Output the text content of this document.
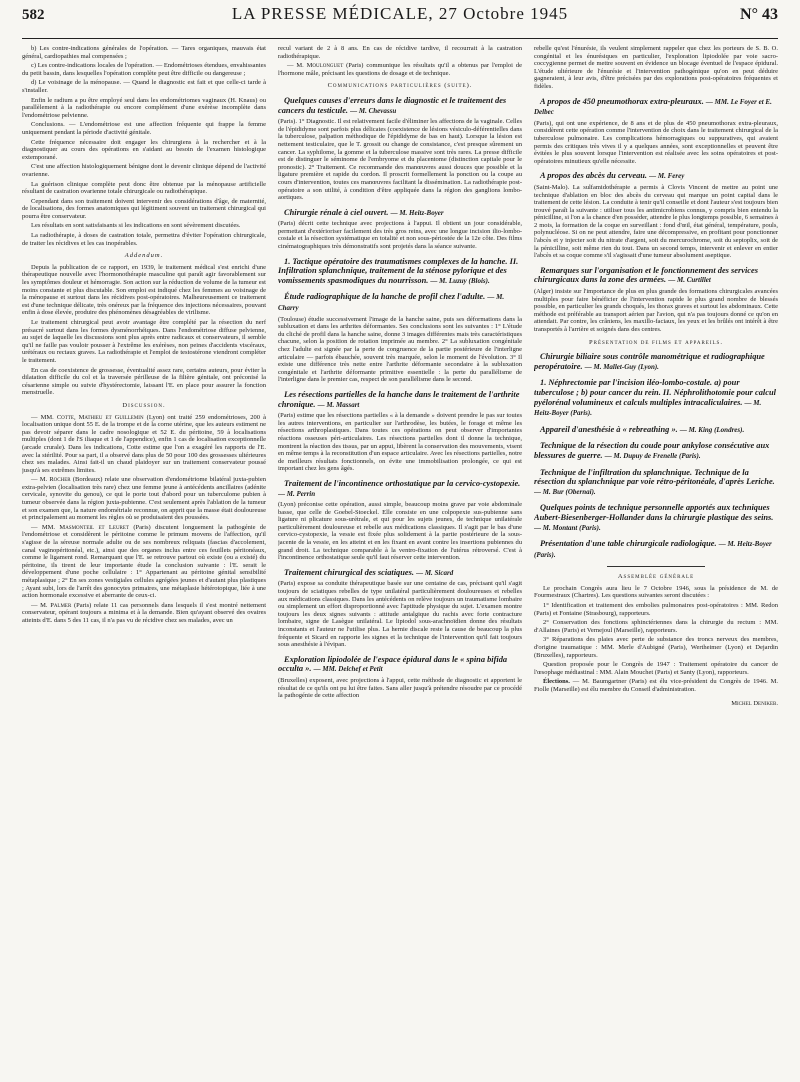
582	LA PRESSE MÉDICALE, 27 Octobre 1945	N° 43

b) Les contre-indications générales de l'opération. — Tares organiques, mauvais état général, cardiopathies mal compensées ;

c) Les contre-indications locales de l'opération. — Endométrioses étendues, envahissantes du petit bassin, dans lesquelles l'opération complète peut être difficile ou dangereuse ;

d) Le voisinage de la ménopause. — Quand le diagnostic est fait et que celle-ci tarde à s'installer.

Enfin le radium a pu être employé seul dans les endométriomes vaginaux (H. Knaus) ou parallèlement à la radiothérapie ou encore complément d'une exérèse incomplète dans l'endométriose pelvienne.

Conclusions. — L'endométriose est une affection fréquente qui frappe la femme uniquement pendant la période d'activité génitale.

Cette fréquence nécessaire doit engager les chirurgiens à la rechercher et à la diagnostiquer au cours des opérations en s'aidant au besoin de l'examen histologique extemporané.

C'est une affection histologiquement bénigne dont le devenir clinique dépend de l'activité ovarienne.

La guérison clinique complète peut donc être obtenue par la ménopause artificielle résultant de castration ovarienne totale chirurgicale ou radiothérapique.

Cependant dans son traitement doivent intervenir des considérations d'âge, de maternité, de localisations, des formes anatomiques qui légitiment souvent un traitement chirurgical qui pourra être conservateur.

Les résultats en sont satisfaisants si les indications en sont sévèrement discutées.

La radiothérapie, à doses de castration totale, permettra d'éviter l'opération chirurgicale, de traiter les récidives et les cas inopérables.

Addendum.

Depuis la publication de ce rapport, en 1939, le traitement médical s'est enrichi d'une thérapeutique nouvelle avec l'hormonothérapie masculine qui paraît agir favorablement sur les symptômes douleur et hémorragie. Son action sur la réduction de volume de la tumeur est moins constante et plus discutable. Son emploi est indiqué chez les femmes au voisinage de la ménopause et surtout dans les récidives post-opératoires. Malheureusement ce traitement est d'une technique délicate, très onéreux par la fréquence des injections nécessaires, pouvant enfin à dose élevée, produire des phénomènes désagréables de virilisme.

Le traitement chirurgical peut avoir avantage être complété par la résection du nerf présacré surtout dans les formes dysménorrhéiques. Dans l'endométriose diffuse pelvienne, au sujet de laquelle les discussions sont plus après entre radicaux et conservateurs, il semble qu'il ne faille pas vouloir pousser à l'extrême les exérèses, non peines d'accidents viscéraux, urétéraux ou rectaux graves. La radiothérapie et l'emploi de testostérone viendront compléter le traitement.

En cas de coexistence de grossesse, éventualité assez rare, certains auteurs, pour éviter la dilatation difficile du col et la traversée périlleuse de la filière génitale, ont préconisé la césarienne simple ou suivie d'hystérectomie, laissant l'E. en place pour assurer la fonction menstruelle.

Discussion.

— MM. Cotte, Mathieu et Guillemin (Lyon) ont traité 259 endométrioses, 200 à localisation unique dont 55 E. de la trompe et de la corne utérine, que les auteurs estiment ne pas devoir séparer dans le cadre nosologique et 52 E. du péritoine, 59 à localisations multiples (dont 1 de l'S iliaque et 1 de l'appendice), enfin 1 cas de localisation exceptionnelle (arcade crurale). Dans les indications, Cotte estime que l'on a exagéré les rapports de l'E. avec la stérilité. Pour sa part, il a observé dans plus de 50 pour 100 des grossesses ultérieures chez ses malades. Ainsi fait-il un chaud plaidoyer sur un traitement conservateur poussé jusqu'à ses extrêmes limites.

— M. Rocher (Bordeaux) relate une observation d'endométriome bilatéral juxta-pubien extra-pelvien (localisation très rare) chez une femme jeune à antécédents ancillaires (adénite cervicale, synovite du genou), ce qui le porte tout d'abord pour un tuberculome pubien à tumeur observée dans la région juxta-pubienne. C'est seulement après l'ablation de la tumeur et son examen que, la nature endométriale reconnue, on apprit que la masse était douloureuse et principalement au moment les règles où se produisaient des poussées.

— MM. Masmonteil et Leuret (Paris) discutent longuement la pathogénie de l'endométriose et considèrent le péritoine comme le primum movens de l'affection, qu'il s'agisse de la séreuse normale adulte ou de ses nombreux reliquats (fascias d'accolement, canal vaginopéritonéal, etc.), ainsi que des organes inclus entre ces feuillets péritonéaux, comme le ligament rond. Remarquant que l'E. se retrouve partout où existe (ou a existé) du péritoine, ils tirent de leur importante étude la conclusion suivante : l'E. serait le développement d'une poche cellulaire : 1° Appartenant au péritoine génital sensibilité métaplasique ; 2° En ses zones vestigiales cellules agrégées jeunes et d'autant plus plastiques ; Ayant subi, lors de l'arrêt des gonocytes primaires, une métaplasie hétérotopique, liée à une action hormonale excessive et aberrante de ceux-ci.

— M. Palmer (Paris) relate 11 cas personnels dans lesquels il s'est montré nettement conservateur, opérant toujours a minima et à la demande. Bien qu'ayant observé des ovaires atteints d'E. dans 5 des 11 cas, il n'a pas vu de récidive chez ses malades, avec un

recul variant de 2 à 8 ans. En cas de récidive tardive, il recourrait à la castration radiothérapique.

— M. Moulonguet (Paris) communique les résultats qu'il a obtenus par l'emploi de l'hormone mâle, précisant les questions de dosage et de technique.

Communications particulières (suite).
Quelques causes d'erreurs dans le diagnostic et le traitement des cancers du testicule. — M. Chevassu

(Paris). 1° Diagnostic. Il est relativement facile d'éliminer les affections de la vaginale. Celles de l'épididyme sont parfois plus délicates (coexistence de lésions vésiculo-déférentielles dans la tuberculose, palpation méthodique de l'épididyme de bas en haut). Lorsque la lésion est nettement testiculaire, que le T. grossit ou change de consistance, c'est presque sûrement un cancer. La syphilome, la gomme et la tuberculose massive sont très rares. La presse difficile est de distinguer le séminome de l'embryome et du placentome (distinction capitale pour le pronostic). 2° Traitement. Ce recommande des manœuvres aussi douces que possible et la ligature première et rapide du cordon. Il proscrit formellement la ponction ou la coupe au cours d'intervention, toutes ces manœuvres facilitant la dissémination. La radiothérapie post-opératoire a son utilité, à condition d'être appliquée dans la région des ganglions lombo-aortiques.

Chirurgie rénale à ciel ouvert. — M. Heitz-Boyer

(Paris) décrit cette technique avec projections à l'appui. Il obtient un jour considérable, permettant d'extérioriser facilement des très gros reins, avec une longue incision ilio-lombo-costale et la résection systématique en totalité et non sous-périostée de la 12e côte. Des films cinématographiques très démonstratifs sont projetés dans la séance suivante.

1. Tactique opératoire des traumatismes complexes de la hanche. II. Infiltration splanchnique, traitement de la sténose pylorique et des vomissements spasmodiques du nourrisson. — M. Luzuy (Blois).
Étude radiographique de la hanche de profil chez l'adulte. — M. Charry

(Toulouse) étudie successivement l'image de la hanche saine, puis ses déformations dans la subluxation et dans les arthrites déformantes. Ses conclusions sont les suivantes : 1° L'étude du cliché de profil dans la hanche saine, donne 3 images différentes mais très caractéristiques chacune, selon la position de rotation imprimée au membre. 2° La subluxation congénitale chez l'adulte est signée par la perte de congruence de la partie postérieure de l'interligne articulaire — parfois ébauchée, souvent très marquée, selon le moment de l'évolution. 3° Il existe une différence très nette entre l'arthrite déformante secondaire à la subluxation congénitale et l'arthrite déformante primitive essentielle : la perte du parallélisme de l'interligne dans le premier cas, respect de son parallélisme dans le second.

Les résections partielles de la hanche dans le traitement de l'arthrite chronique. — M. Massart

(Paris) estime que les résections partielles « à la demande » doivent prendre le pas sur toutes les autres interventions, en particulier sur l'arthrodèse, les butées, le forage et même les résections arthroplastiques. Dans toutes ces opérations on peut observer d'importantes réactions osseuses péri-articulaires. Les résections partielles dont il donne la technique, montrent la réaction des tissus, par un appui, libèrent la conservation des mouvements, visent en même temps à la reconstitution d'un espace articulaire. Avec les résections partielles, notre de meilleurs résultats fonctionnels, on évite une immobilisation prolongée, ce qui est important chez les gens âgés.

Traitement de l'incontinence orthostatique par la cervico-cystopexie. — M. Perrin

(Lyon) préconise cette opération, aussi simple, beaucoup moins grave par voie abdominale basse, que celle de Goebel-Stoeckel. Elle consiste en une colpopexie sus-pubienne sans ligature ni plicature sous-urétrale, et qui pour les sujets jeunes, de technique unilatérale particulièrement douloureuse et rebelle aux médications classiques. Il s'agit par le bas d'une cervico-cystopexie, la vessie est fixée plus solidement à la partie postérieure de la sous-jacente de la vessie, en les atteint et en les fixant en avant contre les insertions pubiennes du grand droit. La technique comparable à la ventro-fixation de l'utérus rétroversé. C'est à l'incontinence orthostatique seule qu'il faut réserver cette intervention.

Traitement chirurgical des sciatiques. — M. Sicard

(Paris) expose sa conduite thérapeutique basée sur une centaine de cas, précisant qu'il s'agit toujours de sciatiques rebelles de type unilatéral particulièrement douloureuses et rebelles aux médications classiques. Dans les antécédents on relève toujours un traumatisme lombaire ou simplement un effort disproportionné avec l'aptitude physique du sujet. L'examen montre toujours les deux signes suivants : attitude antalgique du rachis avec forte contracture lombaire, signe de Lasègue unilatéral. Le lipiodol sous-arachnoïdien donne des résultats inconstants et l'auteur ne l'utilise plus. La hernie discale reste la cause de beaucoup la plus fréquente et Sicard en rapporte les signes et la technique de l'intervention qu'il fait toujours sous anesthésie à l'évipan.

Exploration lipiodolée de l'espace épidural dans le « spina bifida occulta ». — MM. Delchef et Petit

(Bruxelles) exposent, avec projections à l'appui, cette méthode de diagnostic et apportent le résultat de ce qu'ils ont pu lui être faites. Sans aller jusqu'à prétendre résoudre par ce procédé la pathogénie de cette affection

rebelle qu'est l'énurésie, ils veulent simplement rappeler que chez les porteurs de S. B. O. congénital et les énurésiques en particulier, l'exploration lipiodolée par voie sacro-coccygienne permet de mettre souvent en évidence un blocage éventuel de l'espace épidural. L'étude ultérieure de l'énurésie et l'intervention pathogénique qu'on en peut déduire gagneraient, à leur avis, d'être précisées par des explorations post-opératoires fréquentes et fidèles.

A propos de 450 pneumothorax extra-pleuraux. — MM. Le Foyer et E. Delbec

(Paris), qui ont une expérience, de 8 ans et de plus de 450 pneumothorax extra-pleuraux, considèrent cette opération comme l'intervention de choix dans le traitement chirurgical de la tuberculose pulmonaire. Les complications hémorragiques ou suppuratives, qui avaient permis des critiques très vives il y a quelques années, sont exceptionnelles et peuvent être évitées le plus souvent lorsque l'intervention est réalisée avec les soins opératoires et post-opératoires minutieux qu'elle nécessite.

A propos des abcès du cerveau. — M. Ferey

(Saint-Malo). La sulfamidothérapie a permis à Clovis Vincent de mettre au point une technique d'ablation en bloc des abcès du cerveau qui marque un point capital dans le traitement de cette lésion. La conduite à tenir qu'il conseille et dont l'auteur s'est toujours bien trouvé paraît la suivante : utiliser tous les antimicrobiens connus, y compris bien entendu la pénicilline, si l'on a la chance d'en posséder, attendre le plus longtemps possible, 6 semaines à 2 mois, la formation de la coque en surveillant : fond d'œil, état général, température, pouls, polynucléose. Si on ne peut attendre, faire une décompressive, en profitant pour ponctionner l'abcès et y injecter soit du nitrate d'argent, soit du mercurochrome, soit du septoplix, soit de la pénicilline, soit même rien du tout. Dans un second temps, intervenir et enlever en entier l'abcès et sa coque comme s'il s'agissait d'une tumeur absolument aseptique.

Remarques sur l'organisation et le fonctionnement des services chirurgicaux dans la zone des armées. — M. Curtillet

(Alger) insiste sur l'importance de plus en plus grande des formations chirurgicales avancées multiples pour faire bénéficier de l'intervention rapide le plus grand nombre de blessés possible, en particulier les grands choqués, les thorax graves et surtout les abdominaux. Cette méthode est préférable au transport aérien par l'avion, qui n'a pas toujours donné ce qu'on en attendait. Par contre, les crâniens, les maxillo-faciaux, les yeux et les brûlés ont intérêt à être transportés à l'arrière et soignés dans des centres.

Présentation de films et appareils.
Chirurgie biliaire sous contrôle manométrique et radiographique peropératoire. — M. Mallet-Guy (Lyon).
1. Néphrectomie par l'incision iléo-lombo-costale. a) pour tuberculose ; b) pour cancer du rein. II. Néphrolithotomie pour calcul pyélorénal volumineux et calculs multiples intracaliculaires. — M. Heitz-Boyer (Paris).
Appareil d'anesthésie à « rebreathing ». — M. King (Londres).
Technique de la résection du coude pour ankylose consécutive aux blessures de guerre. — M. Dupuy de Frenelle (Paris).
Technique de l'infiltration du splanchnique. Technique de la résection du splanchnique par voie rétro-péritonéale, d'après Leriche. — M. Bur (Obernai).
Quelques points de technique personnelle apportés aux techniques Aubert-Biesenberger-Hollander dans la chirurgie plastique des seins. — M. Montant (Paris).
Présentation d'une table chirurgicale radiologique. — M. Heitz-Boyer (Paris).
Assemblée générale

Le prochain Congrès aura lieu le 7 Octobre 1946, sous la présidence de M. de Fourmestraux (Chartres). Les questions suivantes seront discutées :

1° Identification et traitement des embolies pulmonaires post-opératoires : MM. Redon (Paris) et Fontaine (Strasbourg), rapporteurs.

2° Conservation des fonctions sphinctériennes dans la chirurgie du rectum : MM. d'Allaines (Paris) et Vernejoul (Marseille), rapporteurs.

3° Réparations des plaies avec perte de substance des troncs nerveux des membres, d'origine traumatique : MM. Merle d'Aubigné (Paris), Wertheimer (Lyon) et Dejardin (Bruxelles), rapporteurs.

Question proposée pour le Congrès de 1947 : Traitement opératoire du cancer de l'œsophage médiastinal : MM. Alain Mouchet (Paris) et Santy (Lyon), rapporteurs.

Élections. — M. Baumgartner (Paris) est élu vice-président du Congrès de 1946. M. Fiolle (Marseille) est élu membre du Conseil d'administration.

Michel Denikeb.
